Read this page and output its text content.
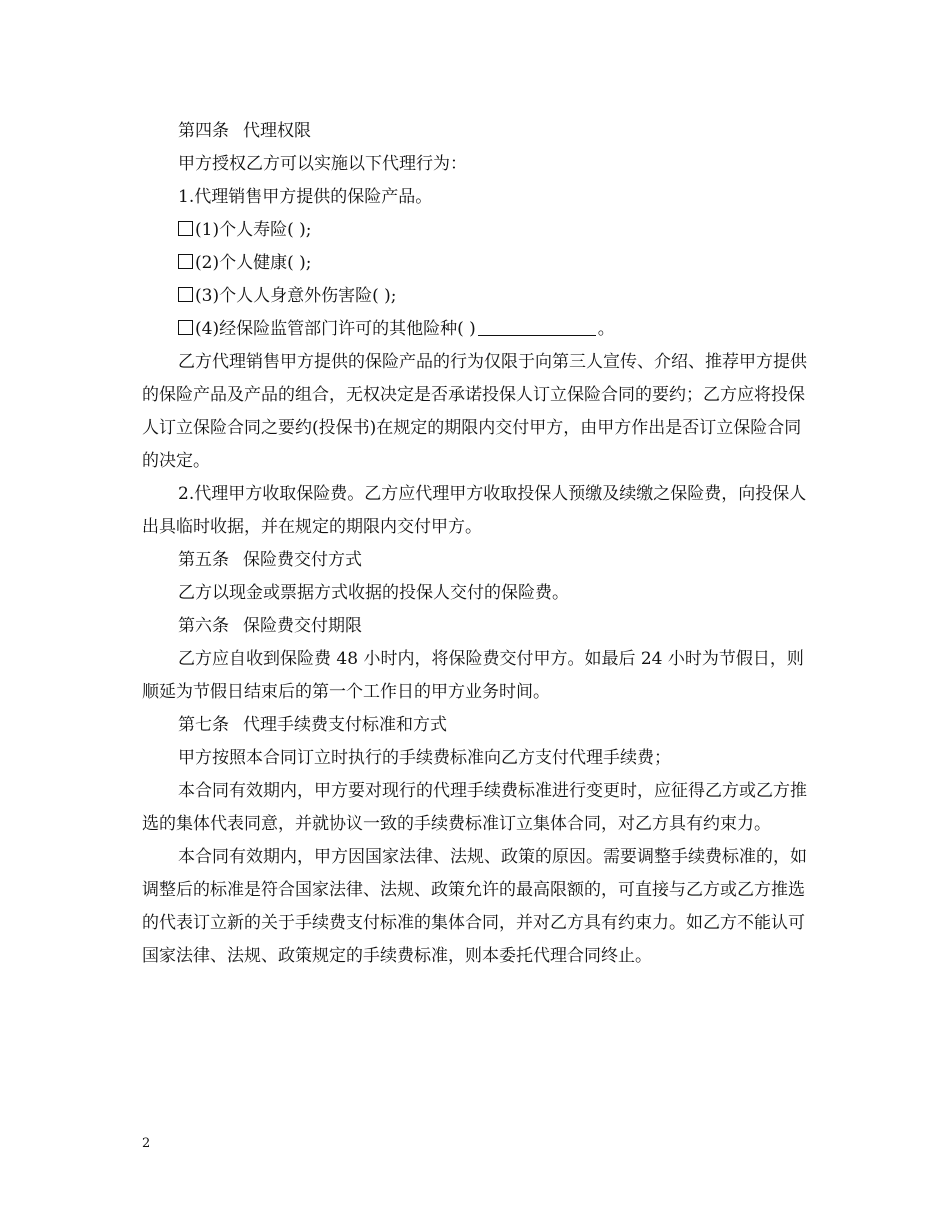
第四条 代理权限
甲方授权乙方可以实施以下代理行为：
1.代理销售甲方提供的保险产品。
(1)个人寿险( );
(2)个人健康( );
(3)个人人身意外伤害险( );
(4)经保险监管部门许可的其他险种( )	。

乙方代理销售甲方提供的保险产品的行为仅限于向第三人宣传、介绍、推荐甲方提供的保险产品及产品的组合，无权决定是否承诺投保人订立保险合同的要约；乙方应将投保人订立保险合同之要约(投保书)在规定的期限内交付甲方，由甲方作出是否订立保险合同的决定。

2.代理甲方收取保险费。乙方应代理甲方收取投保人预缴及续缴之保险费，向投保人出具临时收据，并在规定的期限内交付甲方。

第五条 保险费交付方式
乙方以现金或票据方式收据的投保人交付的保险费。
第六条 保险费交付期限

乙方应自收到保险费 48 小时内，将保险费交付甲方。如最后 24 小时为节假日，则顺延为节假日结束后的第一个工作日的甲方业务时间。

第七条 代理手续费支付标准和方式
甲方按照本合同订立时执行的手续费标准向乙方支付代理手续费；

本合同有效期内，甲方要对现行的代理手续费标准进行变更时，应征得乙方或乙方推选的集体代表同意，并就协议一致的手续费标准订立集体合同，对乙方具有约束力。

本合同有效期内，甲方因国家法律、法规、政策的原因。需要调整手续费标准的，如调整后的标准是符合国家法律、法规、政策允许的最高限额的，可直接与乙方或乙方推选的代表订立新的关于手续费支付标准的集体合同，并对乙方具有约束力。如乙方不能认可国家法律、法规、政策规定的手续费标准，则本委托代理合同终止。

2
